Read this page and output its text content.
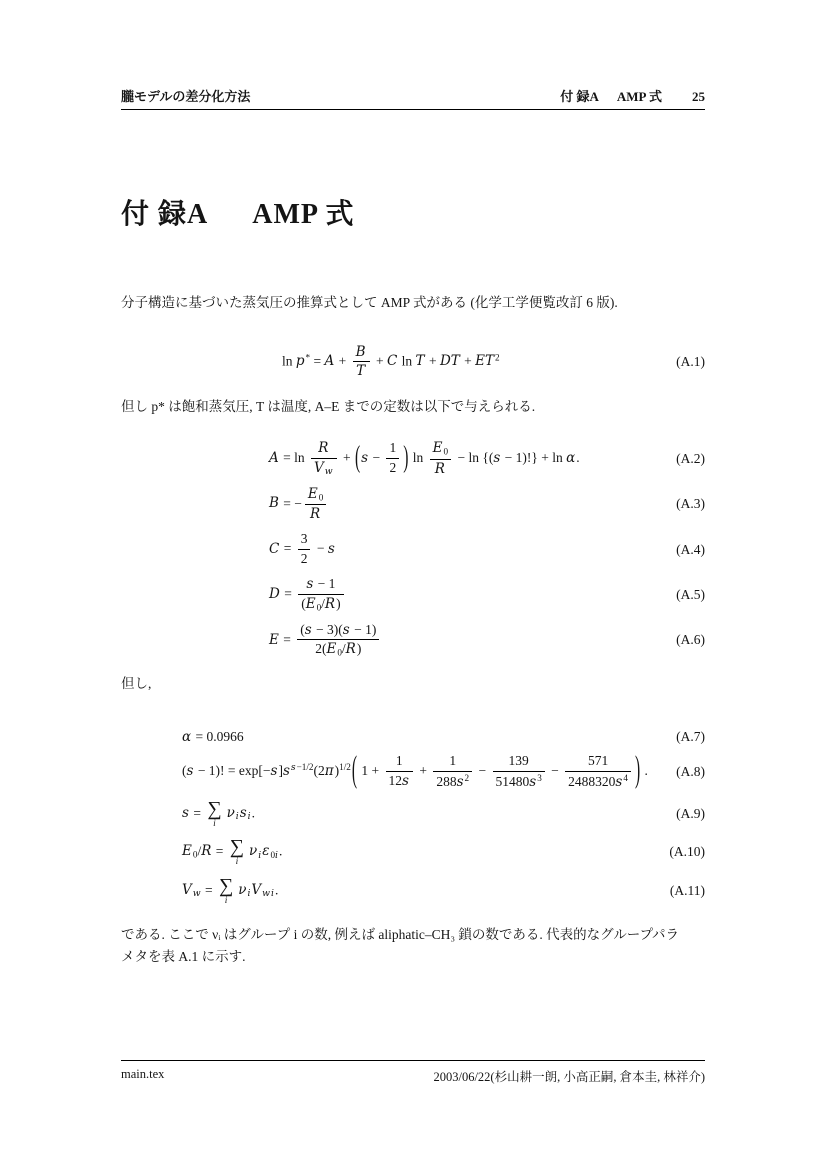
朧モデルの差分化方法	付 録A AMP 式 25
付 録A AMP 式

分子構造に基づいた蒸気圧の推算式として AMP 式がある (化学工学便覧改訂 6 版).

$\ln p^* = A + \frac{B}{T} + C$ ln T + DT + $ET^2$	(A.1)

但し p* は飽和蒸気圧, T は温度, A–E までの定数は以下で与えられる.

$A = \ln \frac{R}{V_w} + (s - \frac{1}{2}$ ) $\ln \frac{E_0}{R} - \ln \{(s - 1)!\} + \ln \alpha$.	(A.2)
B = − $\frac{E_0}{R}$	(A.3)
$C = \frac{3}{2} - s$	(A.4)
$D = \frac{s - 1}{(E_0/R)}$	(A.5)
$E = \frac{(s - 3)(s - 1)}{2(E_0/R)}$	(A.6)

但し,

α = 0.0966	(A.7)
(s − 1)! = $\exp[-s]s^{s-1/2}(2\pi)^{1/2}$( $1 + \frac{1}{12s} + \frac{1}{288s^2} - \frac{139}{51480s^3} - \frac{571}{2488320s^4}$ ) . (A.8)
s = ∑
i
$\nu_is_i$.	(A.9)
$E_0/R$ = ∑
i
$\nu_i\varepsilon_{0i}$.	(A.10)
$V_w$ = ∑
i
$\nu_iV_{wi}$.	(A.11)

である. ここで νᵢ はグループ i の数, 例えば aliphatic–CH₃ 鎖の数である. 代表的なグループパラ
メタを表 A.1 に示す.

main.tex	2003/06/22(杉山耕一朗, 小高正嗣, 倉本圭, 林祥介)
